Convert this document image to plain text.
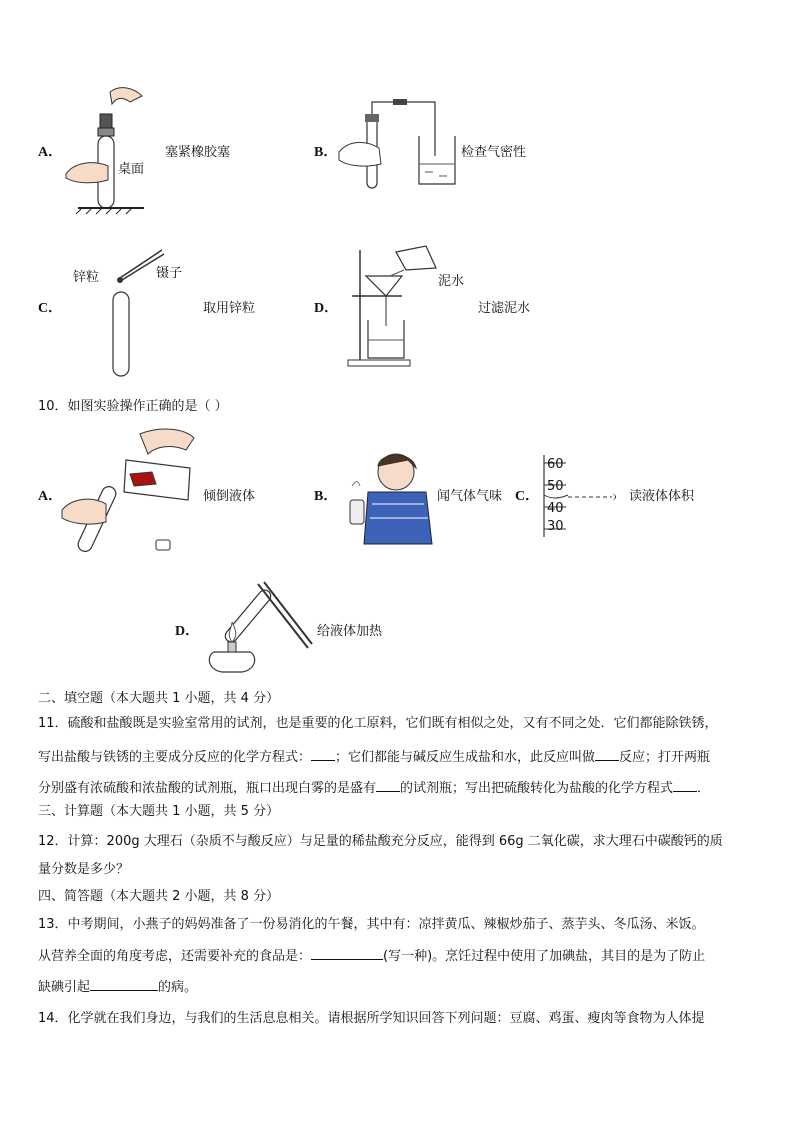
A．
桌面
塞紧橡胶塞	B．	检查气密性
C．
锌粒	镊子
取用锌粒	D．
泥水
过滤泥水
10．如图实验操作正确的是（ ）
A．	倾倒液体	B．	闻气体气味 C．
60
50
40
30
读液体体积
D．	给液体加热
二、填空题（本大题共 1 小题，共 4 分）
11．硫酸和盐酸既是实验室常用的试剂，也是重要的化工原料，它们既有相似之处，又有不同之处．它们都能除铁锈，
写出盐酸与铁锈的主要成分反应的化学方程式： ；它们都能与碱反应生成盐和水，此反应叫做 反应；打开两瓶
分别盛有浓硫酸和浓盐酸的试剂瓶，瓶口出现白雾的是盛有 的试剂瓶；写出把硫酸转化为盐酸的化学方程式 ．
三、计算题（本大题共 1 小题，共 5 分）
12．计算：200g 大理石（杂质不与酸反应）与足量的稀盐酸充分反应，能得到 66g 二氧化碳，求大理石中碳酸钙的质
量分数是多少？
四、简答题（本大题共 2 小题，共 8 分）
13．中考期间，小燕子的妈妈准备了一份易消化的午餐，其中有：凉拌黄瓜、辣椒炒茄子、蒸芋头、冬瓜汤、米饭。
从营养全面的角度考虑，还需要补充的食品是：	(写一种)。烹饪过程中使用了加碘盐，其目的是为了防止
缺碘引起	的病。
14．化学就在我们身边，与我们的生活息息相关。请根据所学知识回答下列问题：豆腐、鸡蛋、瘦肉等食物为人体提
